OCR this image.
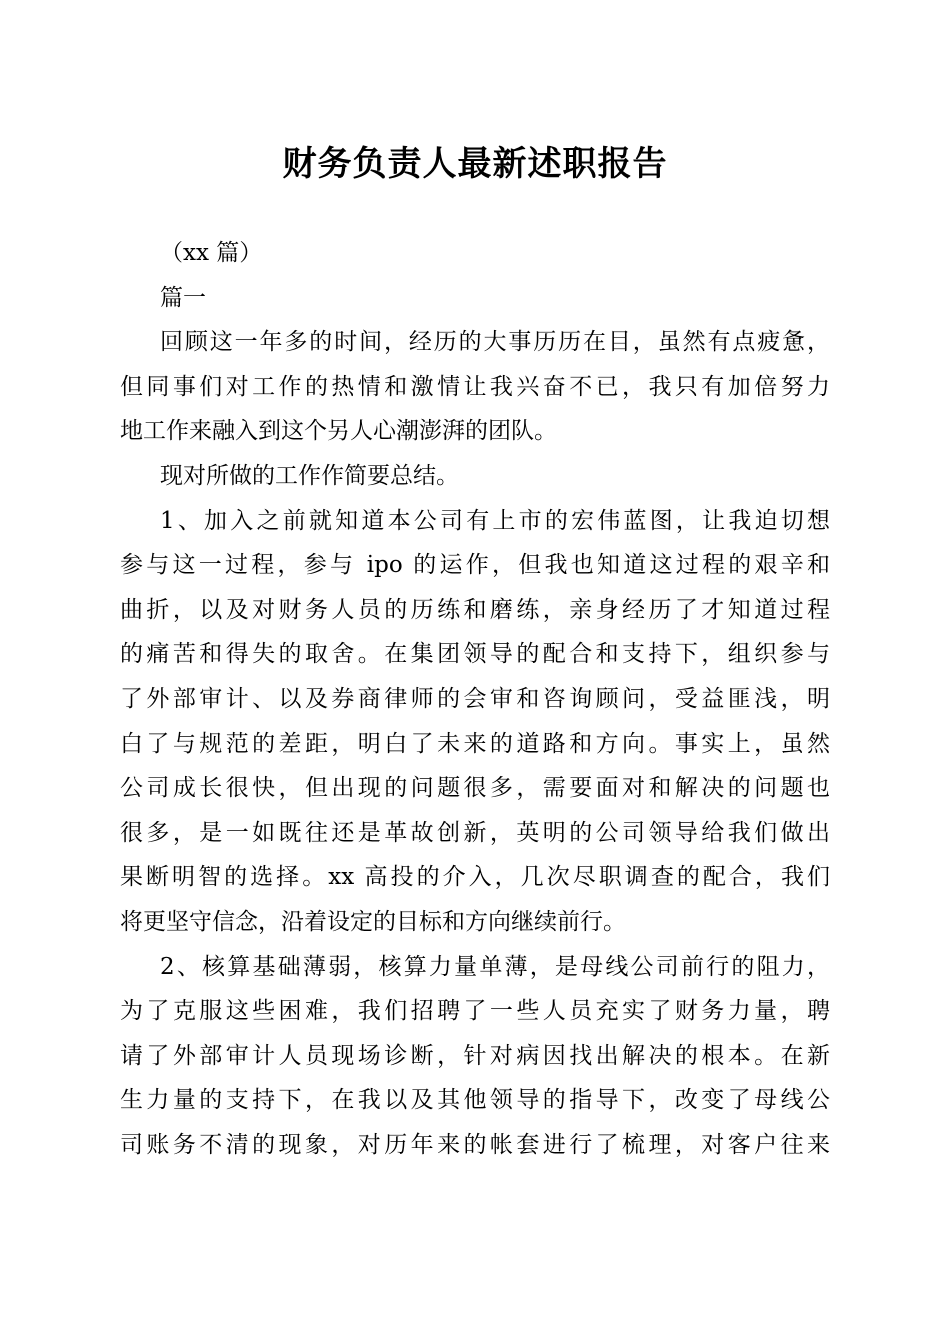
财务负责人最新述职报告
（xx 篇）
篇一
回顾这一年多的时间，经历的大事历历在目，虽然有点疲惫，
但同事们对工作的热情和激情让我兴奋不已，我只有加倍努力
地工作来融入到这个另人心潮澎湃的团队。
现对所做的工作作简要总结。
1、加入之前就知道本公司有上市的宏伟蓝图，让我迫切想
参与这一过程，参与 ipo 的运作，但我也知道这过程的艰辛和
曲折，以及对财务人员的历练和磨练，亲身经历了才知道过程
的痛苦和得失的取舍。在集团领导的配合和支持下，组织参与
了外部审计、以及券商律师的会审和咨询顾问，受益匪浅，明
白了与规范的差距，明白了未来的道路和方向。事实上，虽然
公司成长很快，但出现的问题很多，需要面对和解决的问题也
很多，是一如既往还是革故创新，英明的公司领导给我们做出
果断明智的选择。xx 高投的介入，几次尽职调查的配合，我们
将更坚守信念，沿着设定的目标和方向继续前行。
2、核算基础薄弱，核算力量单薄，是母线公司前行的阻力，
为了克服这些困难，我们招聘了一些人员充实了财务力量，聘
请了外部审计人员现场诊断，针对病因找出解决的根本。在新
生力量的支持下，在我以及其他领导的指导下，改变了母线公
司账务不清的现象，对历年来的帐套进行了梳理，对客户往来
